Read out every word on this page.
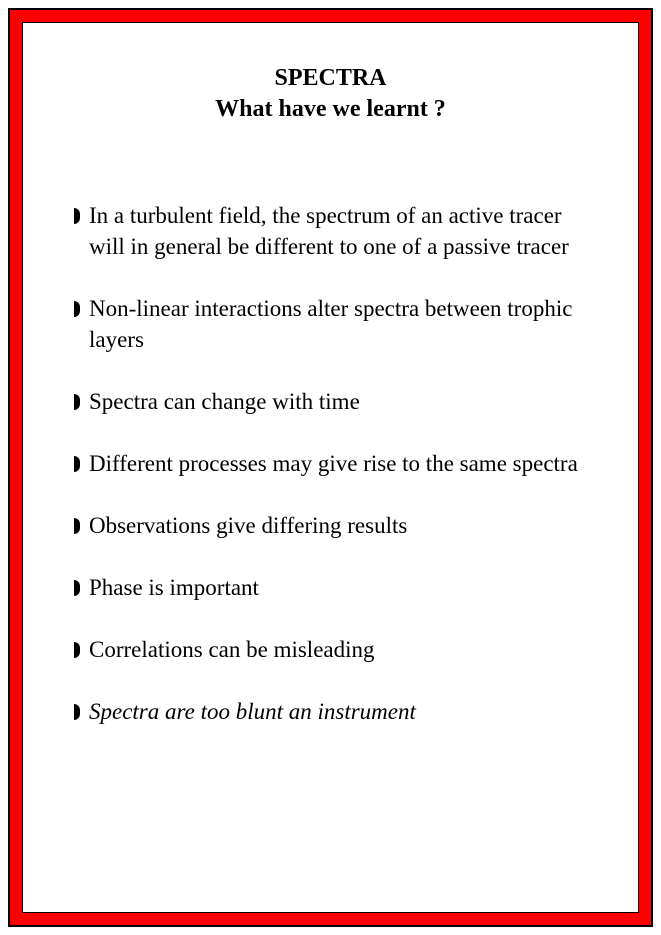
SPECTRA
What have we learnt ?
In a turbulent field, the spectrum of an active tracer will in general be different to one of a passive tracer
Non-linear interactions alter spectra between trophic layers
Spectra can change with time
Different processes may give rise to the same spectra
Observations give differing results
Phase is important
Correlations can be misleading
Spectra are too blunt an instrument
